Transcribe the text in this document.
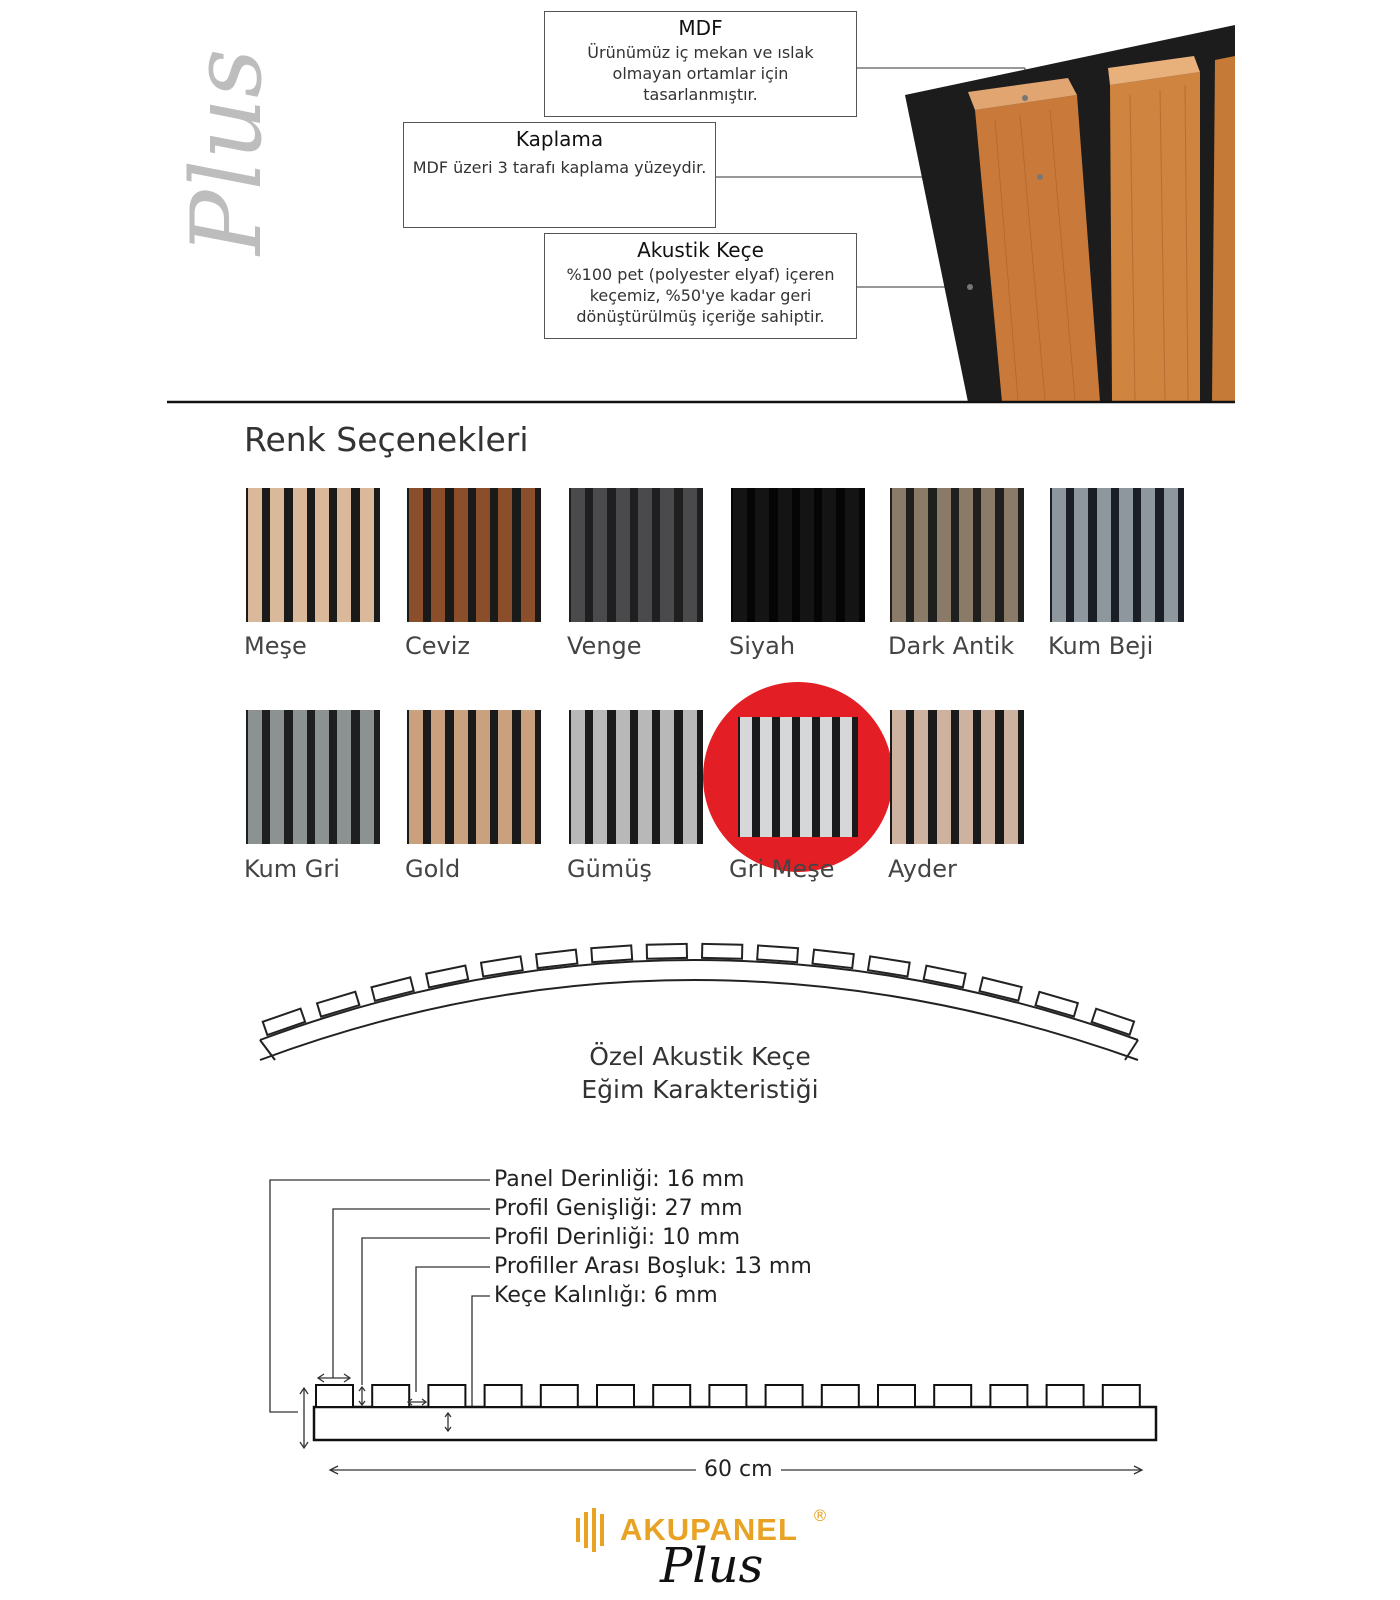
Plus
MDF
Ürünümüz iç mekan ve ıslak olmayan ortamlar için tasarlanmıştır.
Kaplama
MDF üzeri 3 tarafı kaplama yüzeydir.
Akustik Keçe
%100 pet (polyester elyaf) içeren keçemiz, %50'ye kadar geri dönüştürülmüş içeriğe sahiptir.
Renk Seçenekleri
Meşe	Ceviz	Venge	Siyah	Dark Antik Kum Beji
Kum Gri	Gold	Gümüş	Gri Meşe Ayder
Özel Akustik Keçe
Eğim Karakteristiği
60 cm
Panel Derinliği: 16 mm
Profil Genişliği: 27 mm
Profil Derinliği: 10 mm
Profiller Arası Boşluk: 13 mm
Keçe Kalınlığı: 6 mm
AKUPANEL ®
Plus
